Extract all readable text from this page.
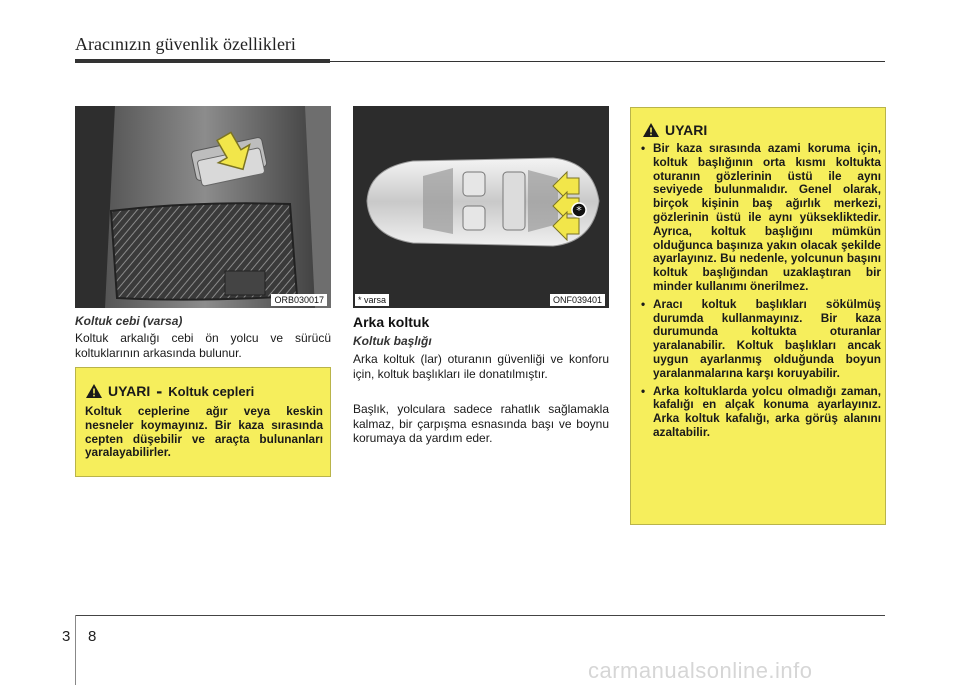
Aracınızın güvenlik özellikleri
ORB030017
Koltuk cebi (varsa)
Koltuk arkalığı cebi ön yolcu ve sürücü koltuklarının arkasında bulunur.
UYARI - Koltuk cepleri
Koltuk ceplerine ağır veya keskin nesneler koymayınız. Bir kaza sırasında cepten düşebilir ve araçta bulunanları yaralayabilirler.
*
* varsa	ONF039401
Arka koltuk
Koltuk başlığı
Arka koltuk (lar) oturanın güvenliği ve konforu için, koltuk başlıkları ile donatılmıştır.
Başlık, yolculara sadece rahatlık sağlamakla kalmaz, bir çarpışma esnasında başı ve boynu korumaya da yardım eder.
UYARI
• Bir kaza sırasında azami koruma için, koltuk başlığının orta kısmı koltukta oturanın gözlerinin üstü ile aynı seviyede bulunmalıdır. Genel olarak, birçok kişinin baş ağırlık merkezi, gözlerinin üstü ile aynı yüksekliktedir. Ayrıca, koltuk başlığını mümkün olduğunca başınıza yakın olacak şekilde ayarlayınız. Bu nedenle, yolcunun başını koltuk başlığından uzaklaştıran bir minder kullanımı önerilmez.
• Aracı koltuk başlıkları sökülmüş durumda kullanmayınız. Bir kaza durumunda koltukta oturanlar yaralanabilir. Koltuk başlıkları ancak uygun ayarlanmış olduğunda boyun yaralanmalarına karşı koruyabilir.
• Arka koltuklarda yolcu olmadığı zaman, kafalığı en alçak konuma ayarlayınız. Arka koltuk kafalığı, arka görüş alanını azaltabilir.
3 8
carmanualsonline.info
